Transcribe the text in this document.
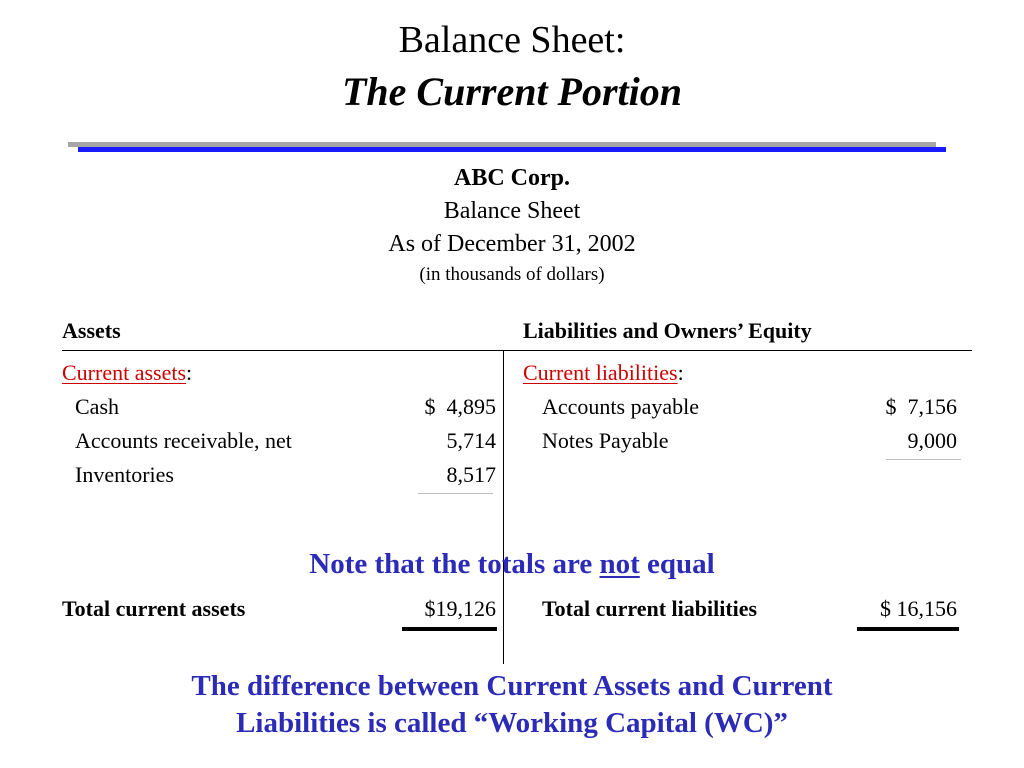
Balance Sheet:
The Current Portion
ABC Corp.
Balance Sheet
As of December 31, 2002
(in thousands of dollars)
Assets	Liabilities and Owners’ Equity
Current assets:
Cash	$  4,895
Accounts receivable, net	5,714
Inventories	8,517
Current liabilities:
Accounts payable	$  7,156
Notes Payable	9,000
Note that the totals are not equal
Total current assets	$19,126 Total current liabilities	$ 16,156
The difference between Current Assets and Current
Liabilities is called “Working Capital (WC)”
